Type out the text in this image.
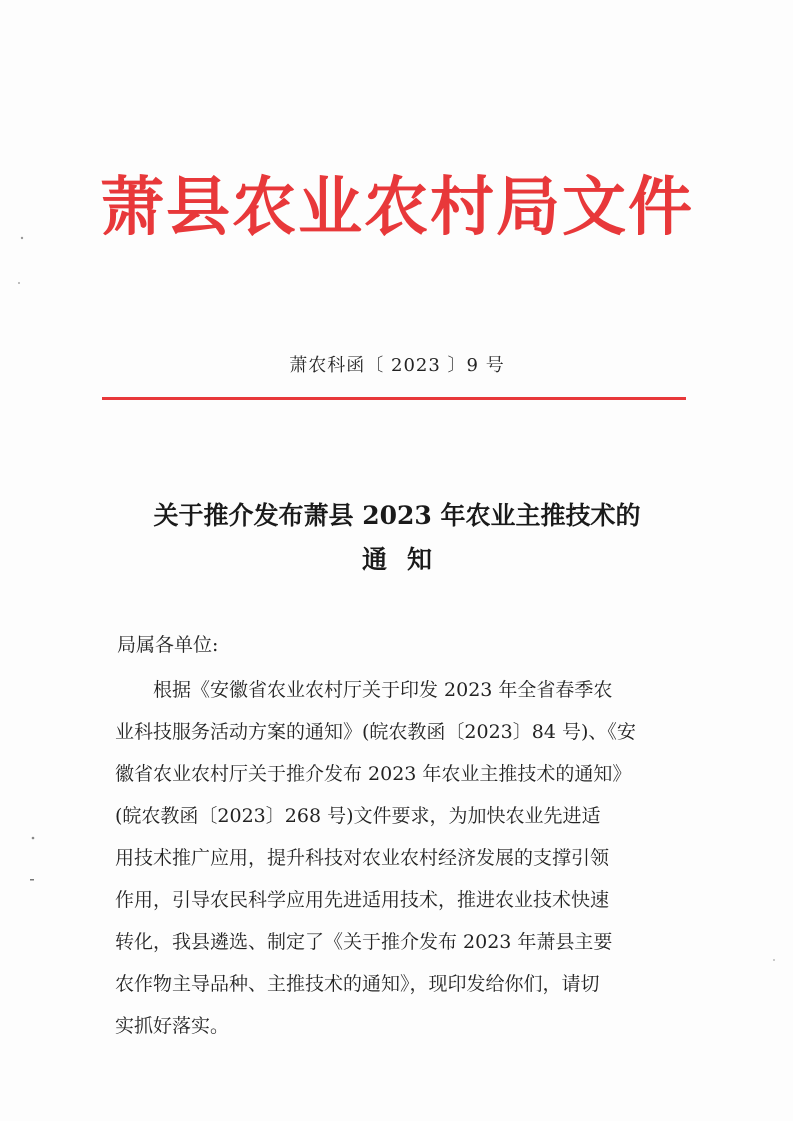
萧县农业农村局文件
萧农科函〔 2023 〕9 号
关于推介发布萧县 2023 年农业主推技术的
通知
局属各单位:
根据《安徽省农业农村厅关于印发 2023 年全省春季农
业科技服务活动方案的通知》(皖农教函〔2023〕84 号)、《安
徽省农业农村厅关于推介发布 2023 年农业主推技术的通知》
(皖农教函〔2023〕268 号)文件要求，为加快农业先进适
用技术推广应用，提升科技对农业农村经济发展的支撑引领
作用，引导农民科学应用先进适用技术，推进农业技术快速
转化，我县遴选、制定了《关于推介发布 2023 年萧县主要
农作物主导品种、主推技术的通知》，现印发给你们，请切
实抓好落实。
